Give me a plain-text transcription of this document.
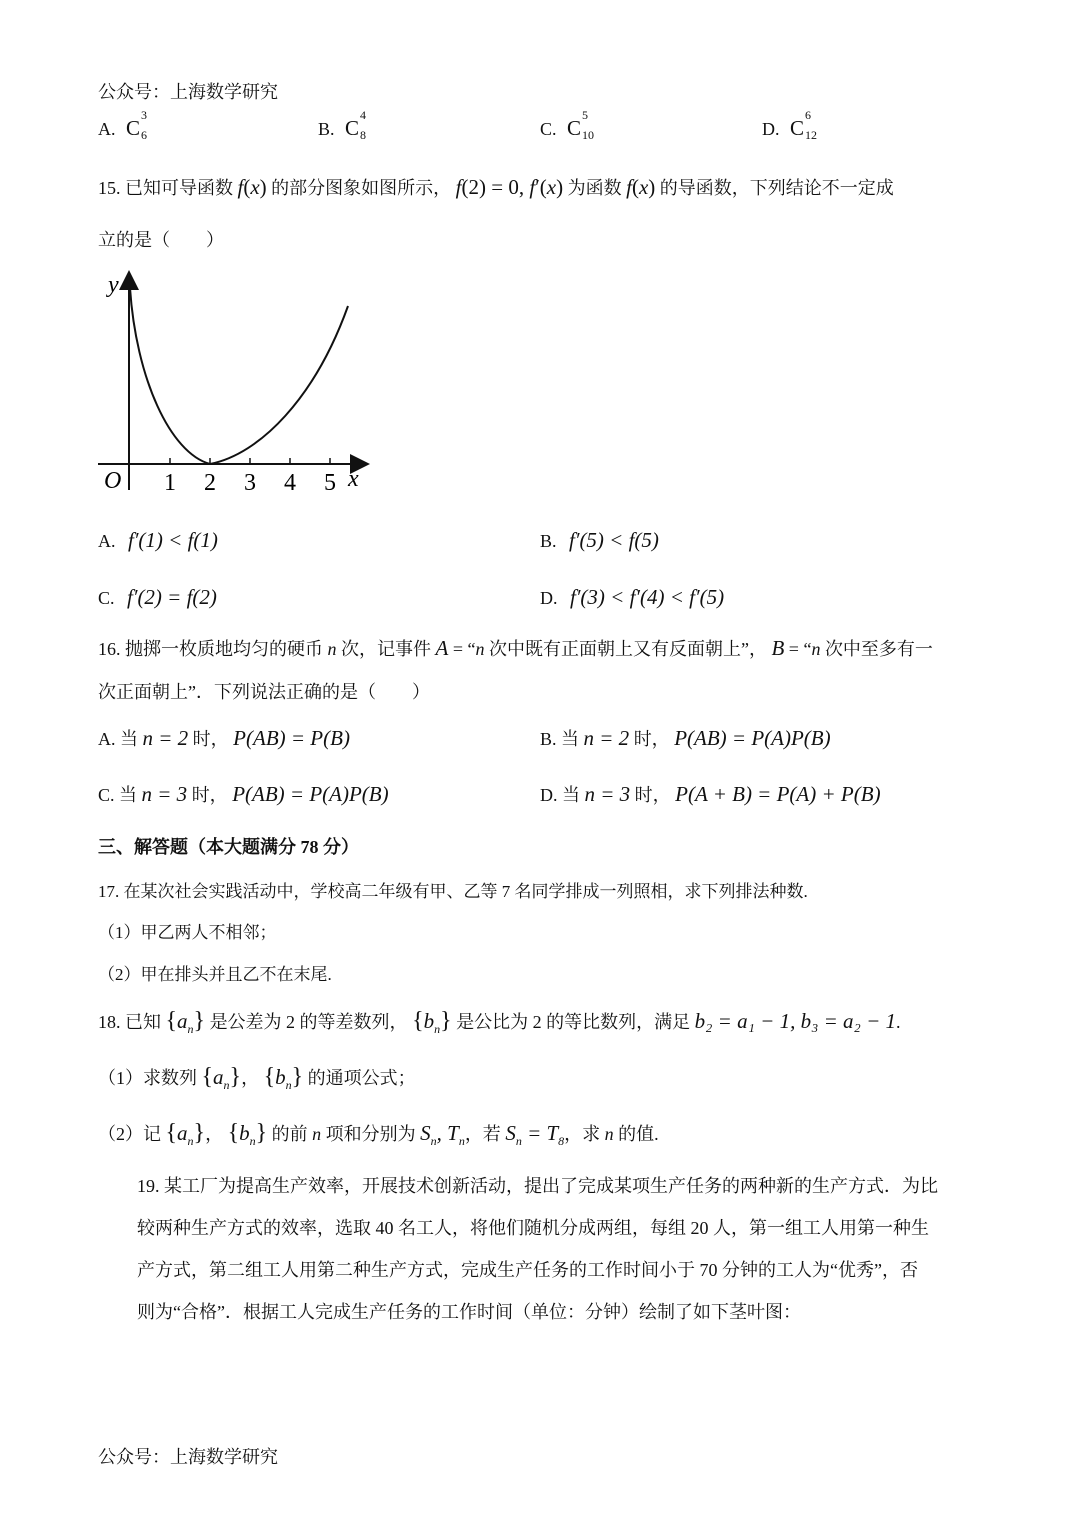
公众号：上海数学研究
A. C
3
6	B. C
4
8	C. C
5
10	D. C
6
12
15. 已知可导函数 f(x) 的部分图象如图所示， f(2) = 0, f′(x) 为函数 f(x) 的导函数，下列结论不一定成
立的是（　　）
y
x
O 1 2 3 4 5
A. f′(1) < f(1)	B. f′(5) < f(5)
C. f′(2) = f(2)	D. f′(3) < f′(4) < f′(5)
16. 抛掷一枚质地均匀的硬币 n 次，记事件 A = “n 次中既有正面朝上又有反面朝上”， B = “n 次中至多有一
次正面朝上”．下列说法正确的是（　　）
A. 当 n = 2 时， P(AB) = P(B)	B. 当 n = 2 时， P(AB) = P(A)P(B)
C. 当 n = 3 时， P(AB) = P(A)P(B)	D. 当 n = 3 时， P(A + B) = P(A) + P(B)
三、解答题（本大题满分 78 分）
17. 在某次社会实践活动中，学校高二年级有甲、乙等 7 名同学排成一列照相，求下列排法种数.
（1）甲乙两人不相邻；
（2）甲在排头并且乙不在末尾.
18. 已知 $\{a_n\}$ 是公差为 2 的等差数列， $\{b_n\}$ 是公比为 2 的等比数列，满足 b₂ = a₁ − 1, b₃ = a₂ − 1.
（1）求数列 $\{a_n\}$， $\{b_n\}$ 的通项公式；
（2）记 $\{a_n\}$， $\{b_n\}$ 的前 n 项和分别为 $S_n$, $T_n$，若 $S_n = T_8$，求 n 的值.
19. 某工厂为提高生产效率，开展技术创新活动，提出了完成某项生产任务的两种新的生产方式．为比
较两种生产方式的效率，选取 40 名工人，将他们随机分成两组，每组 20 人，第一组工人用第一种生
产方式，第二组工人用第二种生产方式，完成生产任务的工作时间小于 70 分钟的工人为“优秀”，否
则为“合格”．根据工人完成生产任务的工作时间（单位：分钟）绘制了如下茎叶图：
公众号：上海数学研究
